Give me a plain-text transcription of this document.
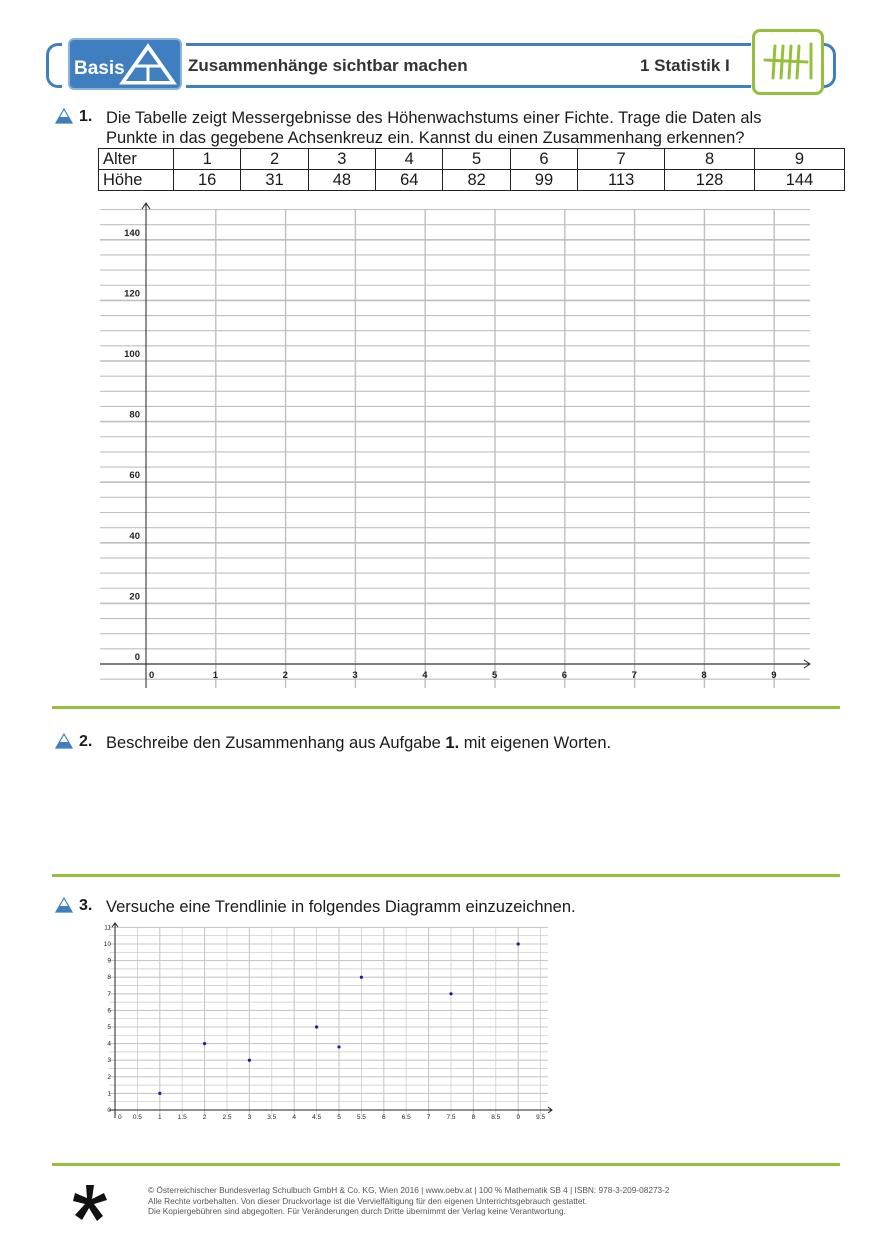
Basis	Zusammenhänge sichtbar machen	1 Statistik I
1. Die Tabelle zeigt Messergebnisse des Höhenwachstums einer Fichte. Trage die Daten als
Punkte in das gegebene Achsenkreuz ein. Kannst du einen Zusammenhang erkennen?
Alter	1	2	3	4	5	6	7	8	9
Höhe	16	31	48	64	82	99	113	128	144
0
20
40
60
80
100
120
140
0	1	2	3	4	5	6	7	8	9
2. Beschreibe den Zusammenhang aus Aufgabe 1. mit eigenen Worten.
3. Versuche eine Trendlinie in folgendes Diagramm einzuzeichnen.
0
1
2
3
4
5
6
7
8
9
10
11
0 0.5 1 1.5 2 2.5 3 3.5 4 4.5 5 5.5 6 6.5 7 7.5 8 8.5 9 9.5
© Österreichischer Bundesverlag Schulbuch GmbH & Co. KG, Wien 2016 | www.oebv.at | 100 % Mathematik SB 4 | ISBN: 978-3-209-08273-2
Alle Rechte vorbehalten. Von dieser Druckvorlage ist die Vervielfältigung für den eigenen Unterrichtsgebrauch gestattet.
Die Kopiergebühren sind abgegolten. Für Veränderungen durch Dritte übernimmt der Verlag keine Verantwortung.
